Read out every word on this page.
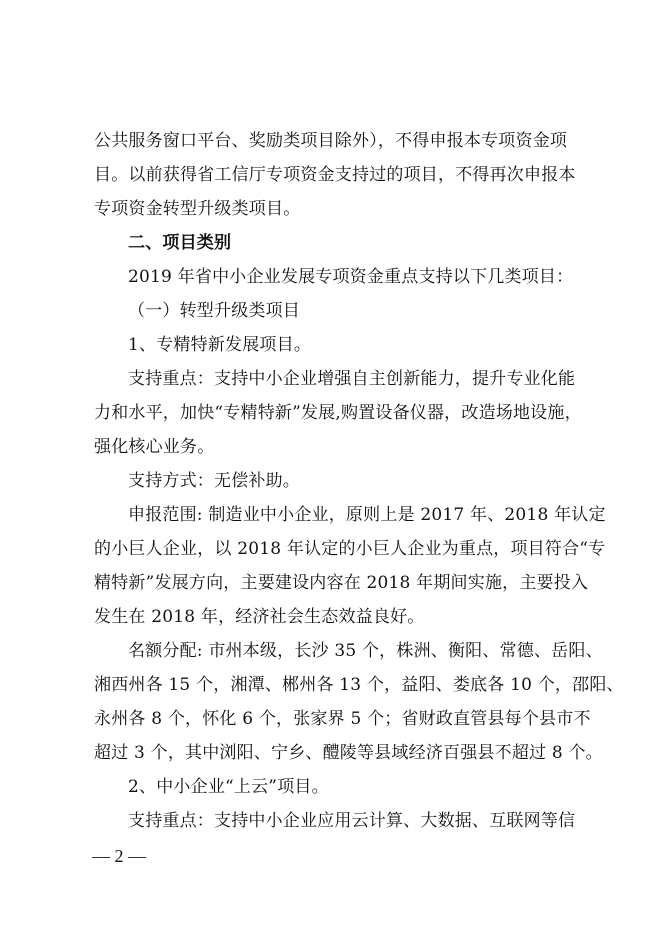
公共服务窗口平台、奖励类项目除外），不得申报本专项资金项
目。以前获得省工信厅专项资金支持过的项目，不得再次申报本
专项资金转型升级类项目。
二、项目类别
2019 年省中小企业发展专项资金重点支持以下几类项目：
（一）转型升级类项目
1、专精特新发展项目。
支持重点：支持中小企业增强自主创新能力，提升专业化能
力和水平，加快“专精特新”发展,购置设备仪器，改造场地设施，
强化核心业务。
支持方式：无偿补助。
申报范围: 制造业中小企业，原则上是 2017 年、2018 年认定
的小巨人企业，以 2018 年认定的小巨人企业为重点，项目符合“专
精特新”发展方向，主要建设内容在 2018 年期间实施，主要投入
发生在 2018 年，经济社会生态效益良好。
名额分配: 市州本级，长沙 35 个，株洲、衡阳、常德、岳阳、
湘西州各 15 个，湘潭、郴州各 13 个，益阳、娄底各 10 个，邵阳、
永州各 8 个，怀化 6 个，张家界 5 个；省财政直管县每个县市不
超过 3 个，其中浏阳、宁乡、醴陵等县域经济百强县不超过 8 个。
2、中小企业“上云”项目。
支持重点：支持中小企业应用云计算、大数据、互联网等信
— 2 —
